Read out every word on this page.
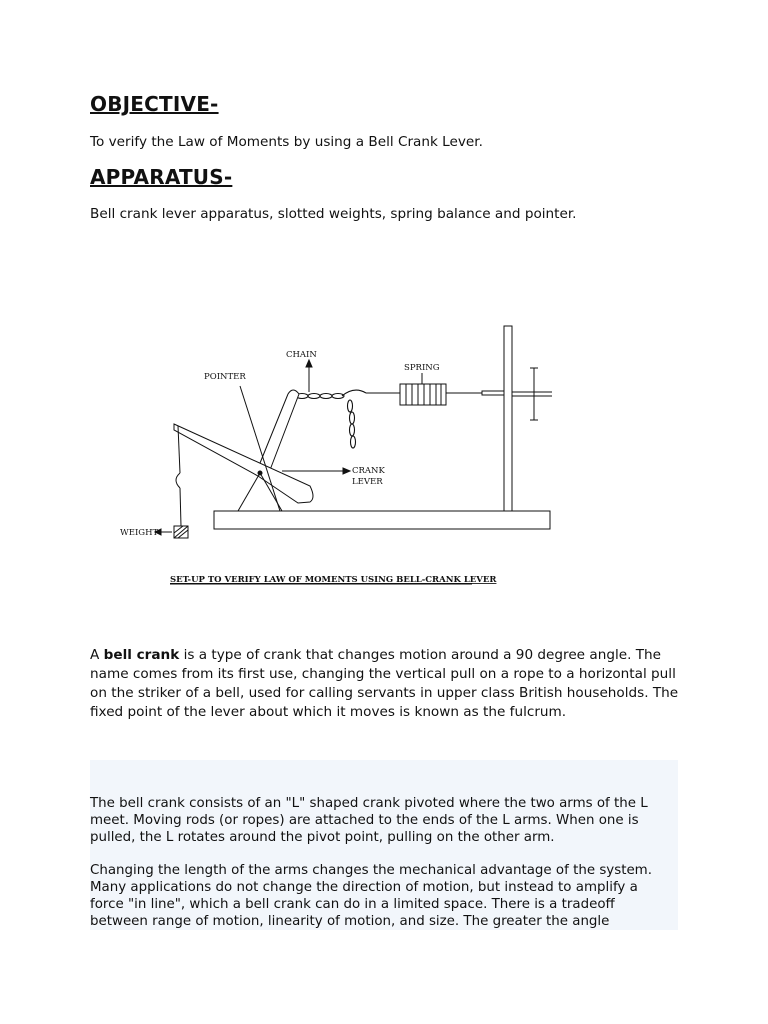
OBJECTIVE-

To verify the Law of Moments by using a Bell Crank Lever.

APPARATUS-

Bell crank lever apparatus, slotted weights, spring balance and pointer.

CHAIN
POINTER
CRANK
LEVER
SPRING
WEIGHT
SET-UP TO VERIFY LAW OF MOMENTS USING BELL-CRANK LEVER

A bell crank is a type of crank that changes motion around a 90 degree angle. The name comes from its first use, changing the vertical pull on a rope to a horizontal pull on the striker of a bell, used for calling servants in upper class British households. The fixed point of the lever about which it moves is known as the fulcrum.

The bell crank consists of an "L" shaped crank pivoted where the two arms of the L meet. Moving rods (or ropes) are attached to the ends of the L arms. When one is pulled, the L rotates around the pivot point, pulling on the other arm.

Changing the length of the arms changes the mechanical advantage of the system. Many applications do not change the direction of motion, but instead to amplify a force "in line", which a bell crank can do in a limited space. There is a tradeoff between range of motion, linearity of motion, and size. The greater the angle
